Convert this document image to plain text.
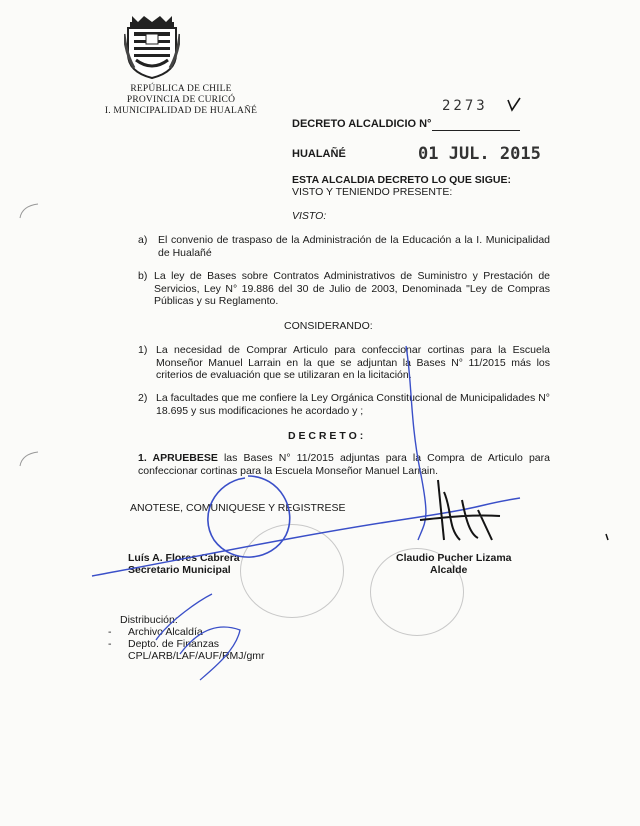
REPÚBLICA DE CHILE
PROVINCIA DE CURICÓ
I. MUNICIPALIDAD DE HUALAÑÉ
DECRETO ALCALDICIO N°
2273
HUALAÑÉ	01 JUL. 2015
ESTA ALCALDIA DECRETO LO QUE SIGUE:
VISTO Y TENIENDO PRESENTE:
VISTO:
a) El convenio de traspaso de la Administración de la Educación a la I. Municipalidad de Hualañé
b) La ley de Bases sobre Contratos Administrativos de Suministro y Prestación de Servicios, Ley N° 19.886 del 30 de Julio de 2003, Denominada "Ley de Compras Públicas y su Reglamento.
CONSIDERANDO:
1) La necesidad de Comprar Articulo para confeccionar cortinas para la Escuela Monseñor Manuel Larrain en la que se adjuntan la Bases N° 11/2015 más los criterios de evaluación que se utilizaran en la licitación.
2) La facultades que me confiere la Ley Orgánica Constitucional de Municipalidades N° 18.695 y sus modificaciones he acordado y ;
D E C R E T O :
1. APRUEBESE las Bases N° 11/2015 adjuntas para la Compra de Articulo para confeccionar cortinas para la Escuela Monseñor Manuel Larrain.
ANOTESE, COMUNIQUESE Y REGISTRESE
Luís A. Flores Cabrera
Secretario Municipal
Claudio Pucher Lizama
Alcalde
Distribución:
- Archivo Alcaldía
- Depto. de Finanzas
CPL/ARB/LAF/AUF/RMJ/gmr
